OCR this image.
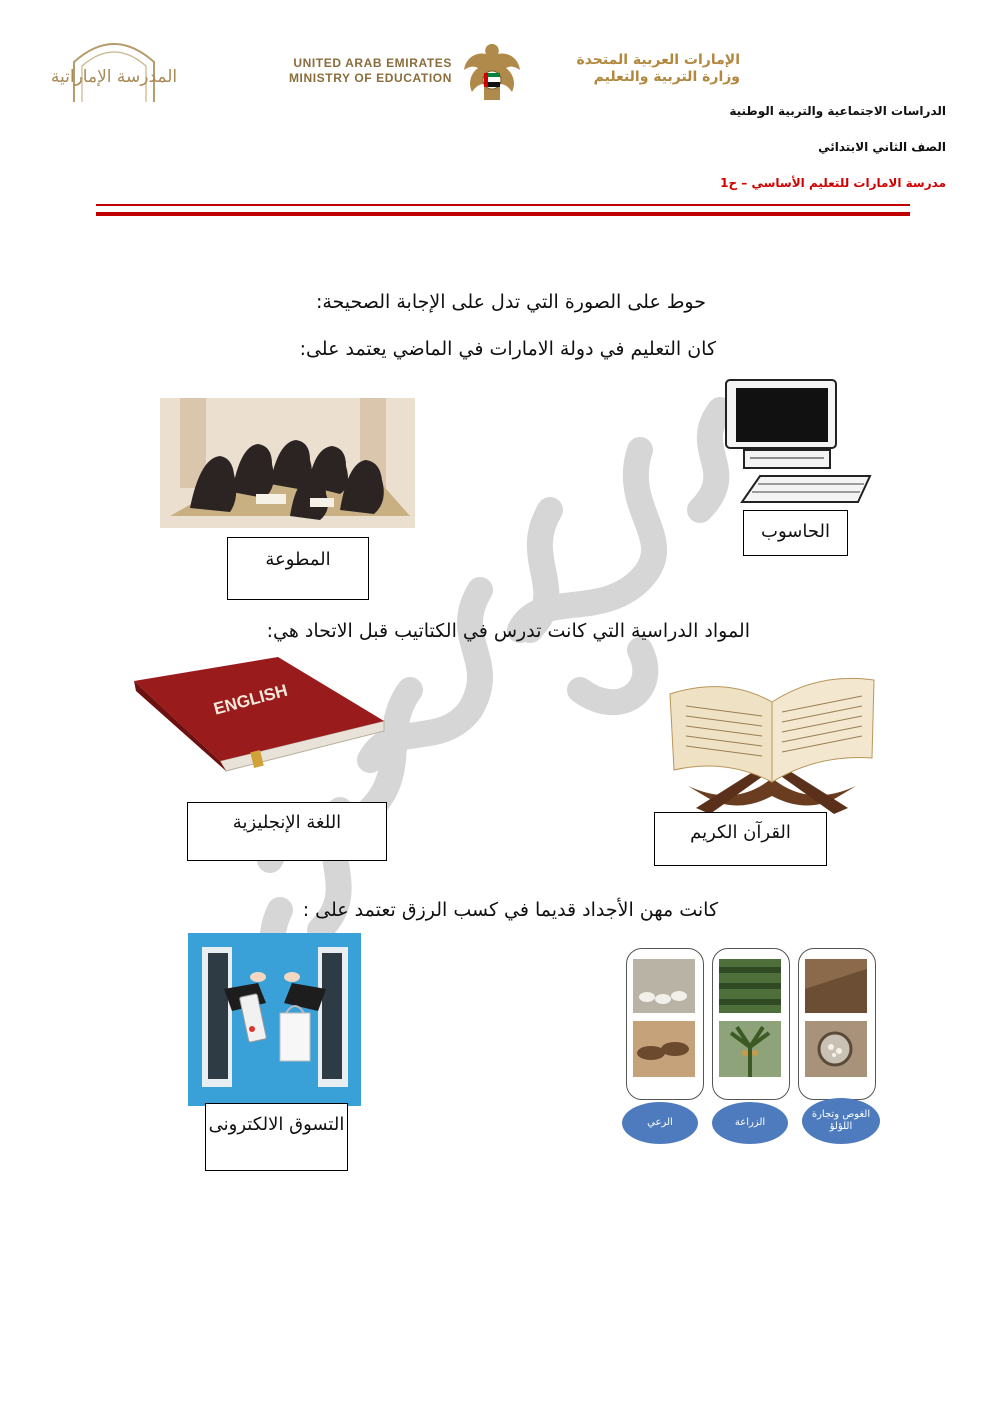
المدرسة الإماراتية
UNITED ARAB EMIRATES
MINISTRY OF EDUCATION
الإمارات العربية المتحدة
وزارة التربية والتعليم
الدراسات الاجتماعية والتربية الوطنية
الصف الثاني الابتدائي
مدرسة الامارات للتعليم الأساسي – ح1
حوط على الصورة التي تدل على الإجابة الصحيحة:
كان التعليم في دولة الامارات في الماضي يعتمد على:
المطوعة
الحاسوب
المواد الدراسية التي كانت تدرس في الكتاتيب قبل الاتحاد هي:
ENGLISH
اللغة الإنجليزية	القرآن الكريم
كانت مهن الأجداد قديما في كسب الرزق تعتمد على :
التسوق الالكترونى	الرعي	الزراعة
الغوص وتجارة اللؤلؤ
